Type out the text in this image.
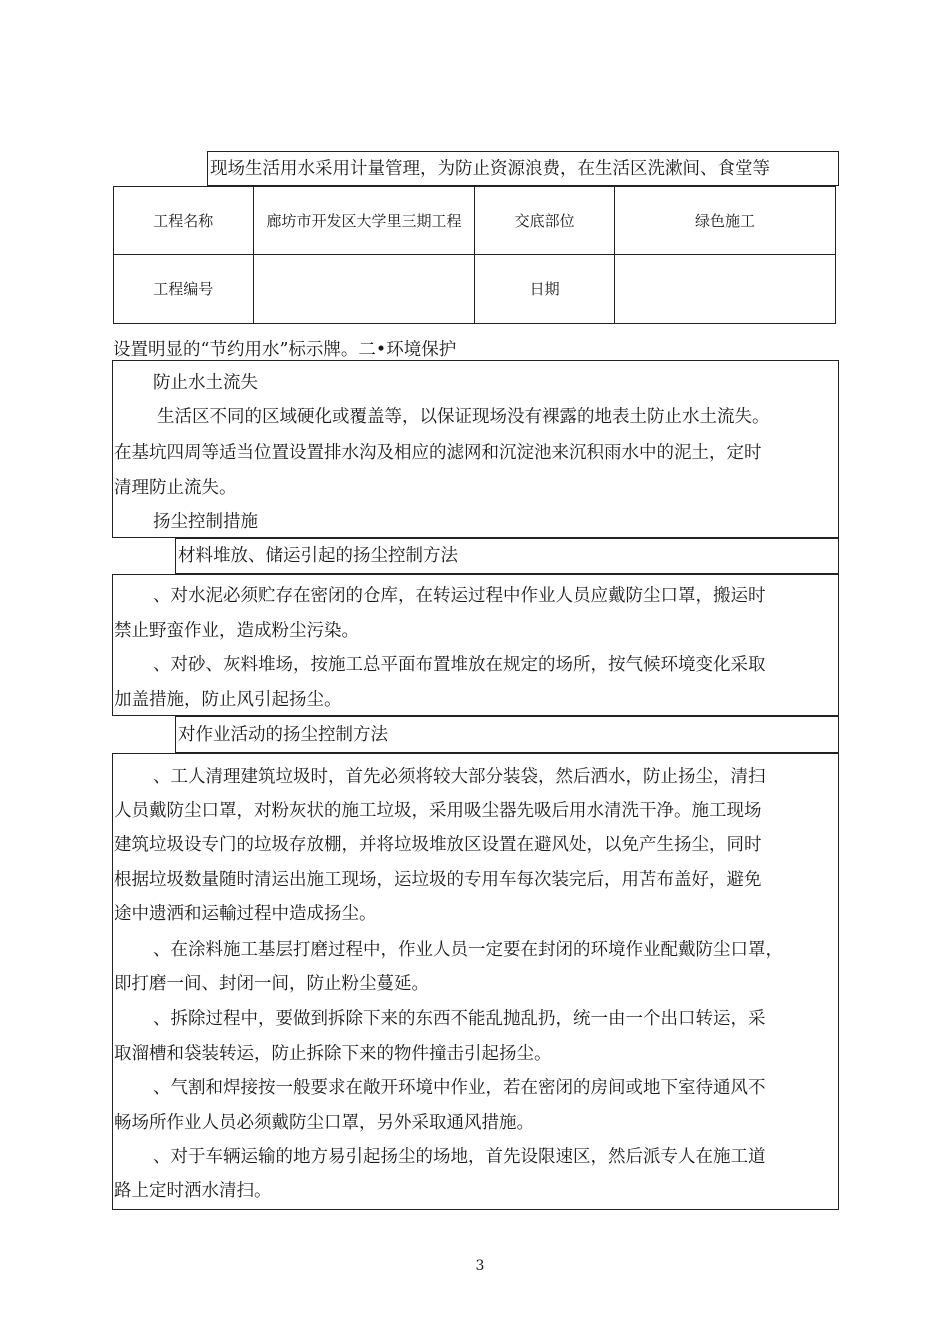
现场生活用水采用计量管理，为防止资源浪费，在生活区洗漱间、食堂等
工程名称	廊坊市开发区大学里三期工程	交底部位	绿色施工
工程编号		日期	
设置明显的“节约用水”标示牌。二•环境保护
防止水土流失
生活区不同的区域硬化或覆盖等，以保证现场没有裸露的地表土防止水土流失。
在基坑四周等适当位置设置排水沟及相应的滤网和沉淀池来沉积雨水中的泥土，定时
清理防止流失。
扬尘控制措施
材料堆放、储运引起的扬尘控制方法
、对水泥必须贮存在密闭的仓库，在转运过程中作业人员应戴防尘口罩，搬运时
禁止野蛮作业，造成粉尘污染。
、对砂、灰料堆场，按施工总平面布置堆放在规定的场所，按气候环境变化采取
加盖措施，防止风引起扬尘。
对作业活动的扬尘控制方法
、工人清理建筑垃圾时，首先必须将较大部分装袋，然后洒水，防止扬尘，清扫
人员戴防尘口罩，对粉灰状的施工垃圾，采用吸尘器先吸后用水清洗干净。施工现场
建筑垃圾设专门的垃圾存放棚，并将垃圾堆放区设置在避风处，以免产生扬尘，同时
根据垃圾数量随时清运出施工现场，运垃圾的专用车每次装完后，用苫布盖好，避免
途中遗洒和运輸过程中造成扬尘。
、在涂料施工基层打磨过程中，作业人员一定要在封闭的环境作业配戴防尘口罩，
即打磨一间、封闭一间，防止粉尘蔓延。
、拆除过程中，要做到拆除下来的东西不能乱抛乱扔，统一由一个出口转运，采
取溜槽和袋装转运，防止拆除下来的物件撞击引起扬尘。
、气割和焊接按一般要求在敞开环境中作业，若在密闭的房间或地下室待通风不
畅场所作业人员必须戴防尘口罩，另外采取通风措施。
、对于车辆运输的地方易引起扬尘的场地，首先设限速区，然后派专人在施工道
路上定时洒水清扫。
3
